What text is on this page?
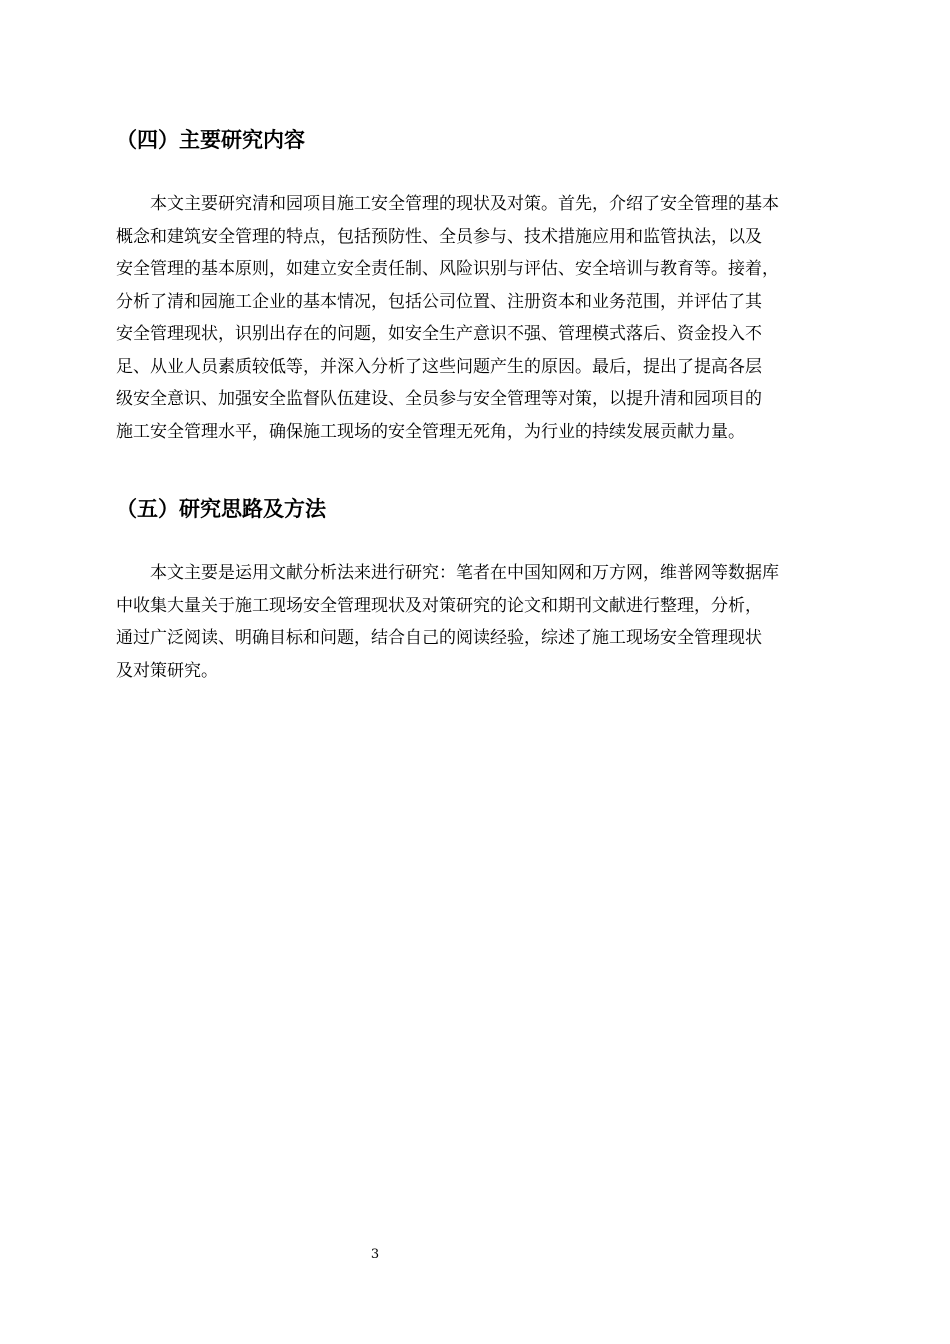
（四）主要研究内容
本文主要研究清和园项目施工安全管理的现状及对策。首先，介绍了安全管理的基本
概念和建筑安全管理的特点，包括预防性、全员参与、技术措施应用和监管执法，以及
安全管理的基本原则，如建立安全责任制、风险识别与评估、安全培训与教育等。接着，
分析了清和园施工企业的基本情况，包括公司位置、注册资本和业务范围，并评估了其
安全管理现状，识别出存在的问题，如安全生产意识不强、管理模式落后、资金投入不
足、从业人员素质较低等，并深入分析了这些问题产生的原因。最后，提出了提高各层
级安全意识、加强安全监督队伍建设、全员参与安全管理等对策，以提升清和园项目的
施工安全管理水平，确保施工现场的安全管理无死角，为行业的持续发展贡献力量。
（五）研究思路及方法
本文主要是运用文献分析法来进行研究：笔者在中国知网和万方网，维普网等数据库
中收集大量关于施工现场安全管理现状及对策研究的论文和期刊文献进行整理，分析，
通过广泛阅读、明确目标和问题，结合自己的阅读经验，综述了施工现场安全管理现状
及对策研究。
3
